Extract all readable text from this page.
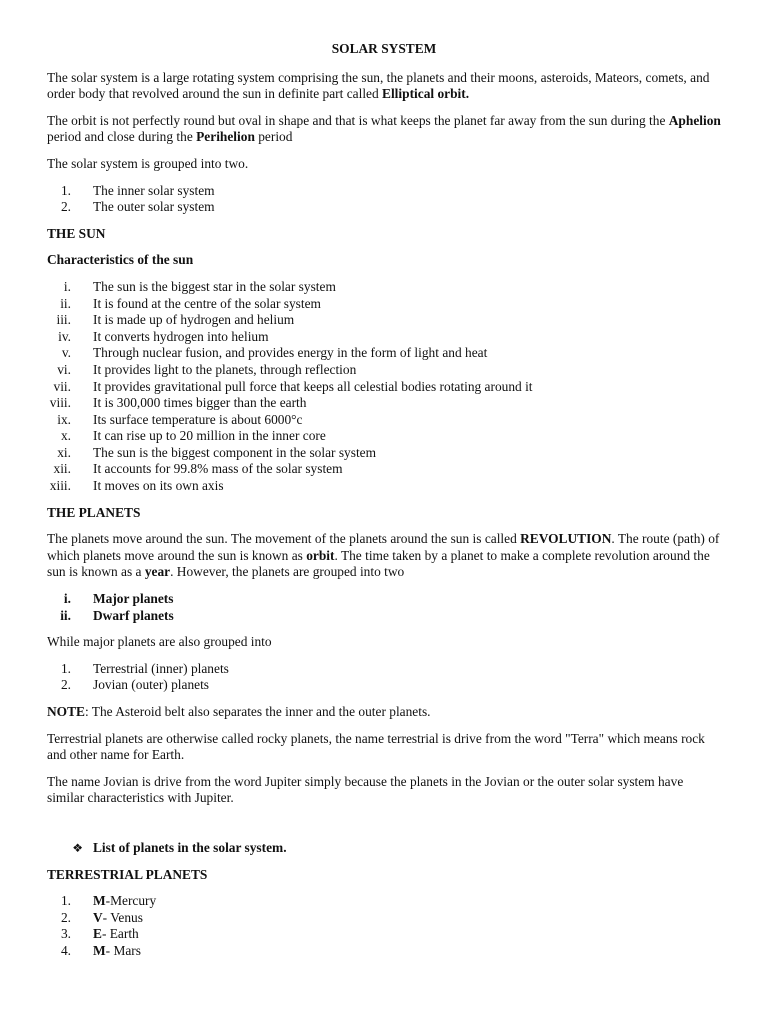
SOLAR SYSTEM

The solar system is a large rotating system comprising the sun, the planets and their moons, asteroids, Mateors, comets, and order body that revolved around the sun in definite part called Elliptical orbit.

The orbit is not perfectly round but oval in shape and that is what keeps the planet far away from the sun during the Aphelion period and close during the Perihelion period

The solar system is grouped into two.

1.	The inner solar system
2.	The outer solar system

THE SUN

Characteristics of the sun

i.	The sun is the biggest star in the solar system
ii.	It is found at the centre of the solar system
iii.	It is made up of hydrogen and helium
iv.	It converts hydrogen into helium
v.	Through nuclear fusion, and provides energy in the form of light and heat
vi.	It provides light to the planets, through reflection
vii.	It provides gravitational pull force that keeps all celestial bodies rotating around it
viii.	It is 300,000 times bigger than the earth
ix.	Its surface temperature is about 6000°c
x.	It can rise up to 20 million in the inner core
xi.	The sun is the biggest component in the solar system
xii.	It accounts for 99.8% mass of the solar system
xiii.	It moves on its own axis

THE PLANETS

The planets move around the sun. The movement of the planets around the sun is called REVOLUTION. The route (path) of which planets move around the sun is known as orbit. The time taken by a planet to make a complete revolution around the sun is known as a year. However, the planets are grouped into two

i.	Major planets
ii.	Dwarf planets

While major planets are also grouped into

1.	Terrestrial (inner) planets
2.	Jovian (outer) planets

NOTE: The Asteroid belt also separates the inner and the outer planets.

Terrestrial planets are otherwise called rocky planets, the name terrestrial is drive from the word "Terra" which means rock and other name for Earth.

The name Jovian is drive from the word Jupiter simply because the planets in the Jovian or the outer solar system have similar characteristics with Jupiter.

❖ List of planets in the solar system.

TERRESTRIAL PLANETS

1.	M-Mercury
2.	V- Venus
3.	E- Earth
4.	M- Mars
